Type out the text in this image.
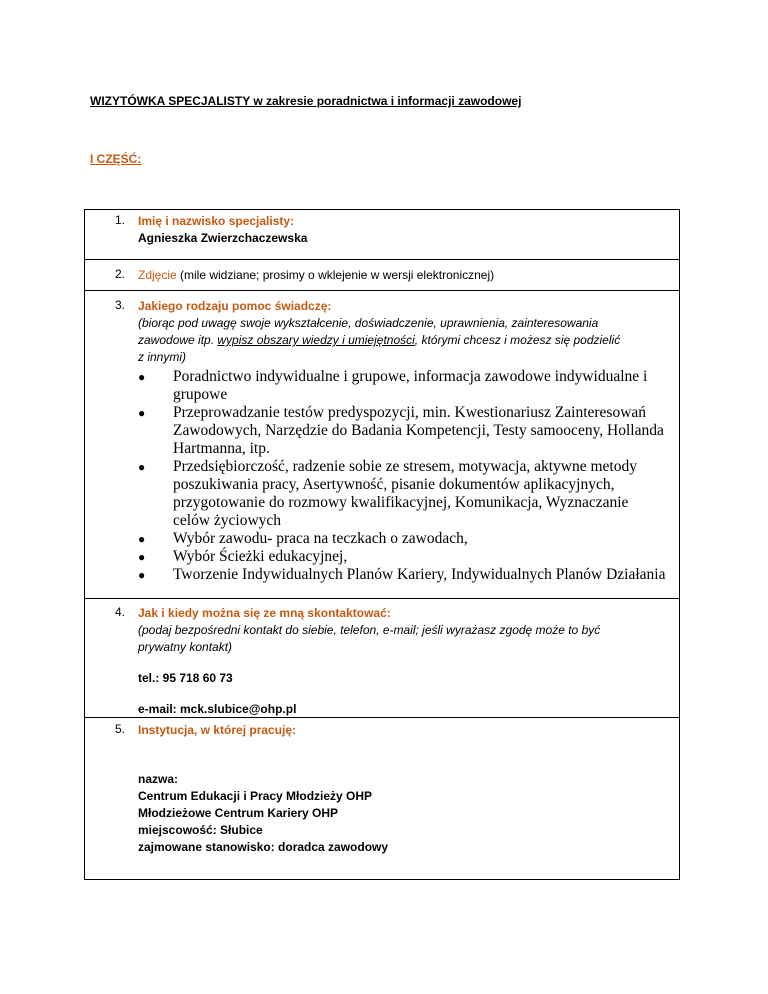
WIZYTÓWKA SPECJALISTY w zakresie poradnictwa i informacji zawodowej
I CZĘŚĆ:
1. Imię i nazwisko specjalisty:
Agnieszka Zwierzchaczewska
2. Zdjęcie (mile widziane; prosimy o wklejenie w wersji elektronicznej)
3. Jakiego rodzaju pomoc świadczę:
(biorąc pod uwagę swoje wykształcenie, doświadczenie, uprawnienia, zainteresowania
zawodowe itp. wypisz obszary wiedzy i umiejętności, którymi chcesz i możesz się podzielić
z innymi)
● Poradnictwo indywidualne i grupowe, informacja zawodowe indywidualne i grupowe
● Przeprowadzanie testów predyspozycji, min. Kwestionariusz Zainteresowań Zawodowych, Narzędzie do Badania Kompetencji, Testy samooceny, Hollanda Hartmanna, itp.
● Przedsiębiorczość, radzenie sobie ze stresem, motywacja, aktywne metody poszukiwania pracy, Asertywność, pisanie dokumentów aplikacyjnych, przygotowanie do rozmowy kwalifikacyjnej, Komunikacja, Wyznaczanie celów życiowych
● Wybór zawodu- praca na teczkach o zawodach,
● Wybór Ścieżki edukacyjnej,
● Tworzenie Indywidualnych Planów Kariery, Indywidualnych Planów Działania
4. Jak i kiedy można się ze mną skontaktować:
(podaj bezpośredni kontakt do siebie, telefon, e-mail; jeśli wyrażasz zgodę może to być
prywatny kontakt)
tel.: 95 718 60 73
e-mail: mck.slubice@ohp.pl
5. Instytucja, w której pracuję:
nazwa:
Centrum Edukacji i Pracy Młodzieży OHP
Młodzieżowe Centrum Kariery OHP
miejscowość: Słubice
zajmowane stanowisko: doradca zawodowy
